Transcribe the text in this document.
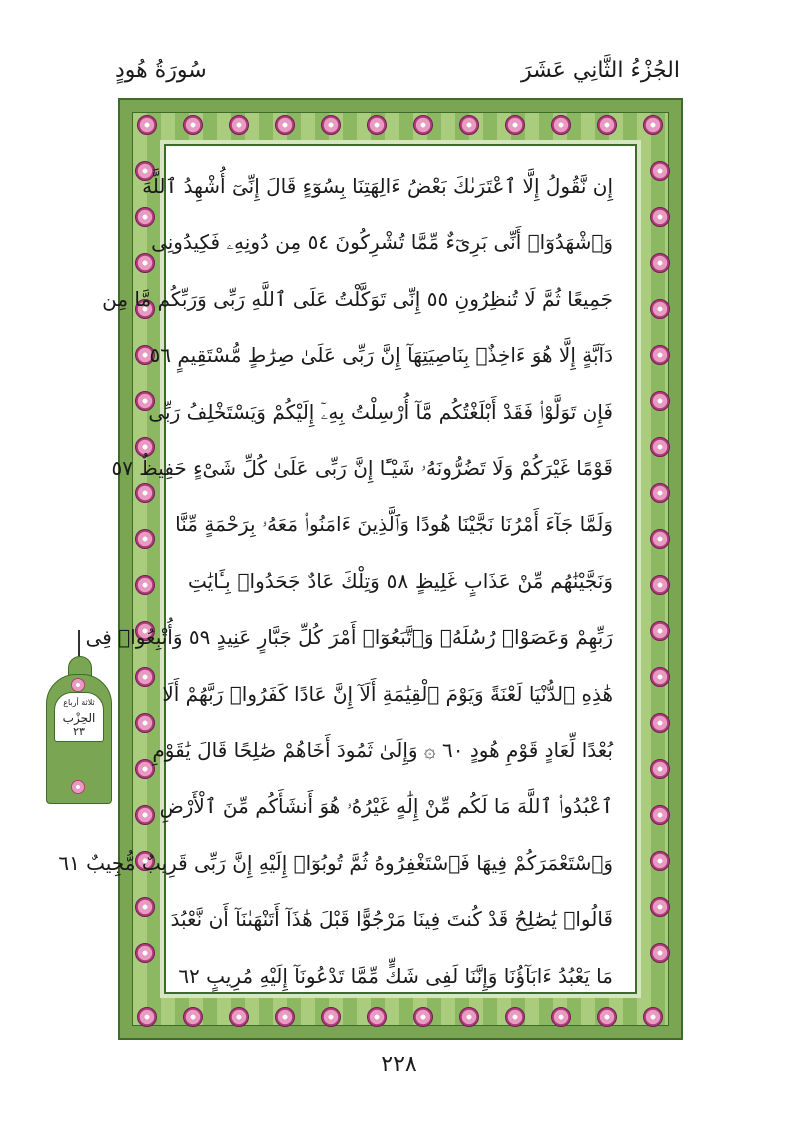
الجُزْءُ الثَّانِي عَشَرَ
سُورَةُ هُودٍ
إِن نَّقُولُ إِلَّا ٱعْتَرَىٰكَ بَعْضُ ءَالِهَتِنَا بِسُوٓءٍ قَالَ إِنِّىٓ أُشْهِدُ ٱللَّهَ
وَٱشْهَدُوٓا۟ أَنِّى بَرِىٓءٌ مِّمَّا تُشْرِكُونَ ٥٤ مِن دُونِهِۦ فَكِيدُونِى
جَمِيعًا ثُمَّ لَا تُنظِرُونِ ٥٥ إِنِّى تَوَكَّلْتُ عَلَى ٱللَّهِ رَبِّى وَرَبِّكُم مَّا مِن
دَآبَّةٍ إِلَّا هُوَ ءَاخِذٌۢ بِنَاصِيَتِهَآ إِنَّ رَبِّى عَلَىٰ صِرَٰطٍ مُّسْتَقِيمٍ ٥٦
فَإِن تَوَلَّوْا۟ فَقَدْ أَبْلَغْتُكُم مَّآ أُرْسِلْتُ بِهِۦٓ إِلَيْكُمْ وَيَسْتَخْلِفُ رَبِّى
قَوْمًا غَيْرَكُمْ وَلَا تَضُرُّونَهُۥ شَيْـًٔا إِنَّ رَبِّى عَلَىٰ كُلِّ شَىْءٍ حَفِيظٌ ٥٧
وَلَمَّا جَآءَ أَمْرُنَا نَجَّيْنَا هُودًا وَٱلَّذِينَ ءَامَنُوا۟ مَعَهُۥ بِرَحْمَةٍ مِّنَّا
وَنَجَّيْنَٰهُم مِّنْ عَذَابٍ غَلِيظٍ ٥٨ وَتِلْكَ عَادٌ جَحَدُوا۟ بِـَٔايَٰتِ
رَبِّهِمْ وَعَصَوْا۟ رُسُلَهُۥ وَٱتَّبَعُوٓا۟ أَمْرَ كُلِّ جَبَّارٍ عَنِيدٍ ٥٩ وَأُتْبِعُوا۟ فِى
هَٰذِهِ ٱلدُّنْيَا لَعْنَةً وَيَوْمَ ٱلْقِيَٰمَةِ أَلَآ إِنَّ عَادًا كَفَرُوا۟ رَبَّهُمْ أَلَا
بُعْدًا لِّعَادٍ قَوْمِ هُودٍ ٦٠ ۞ وَإِلَىٰ ثَمُودَ أَخَاهُمْ صَٰلِحًا قَالَ يَٰقَوْمِ
ٱعْبُدُوا۟ ٱللَّهَ مَا لَكُم مِّنْ إِلَٰهٍ غَيْرُهُۥ هُوَ أَنشَأَكُم مِّنَ ٱلْأَرْضِ
وَٱسْتَعْمَرَكُمْ فِيهَا فَٱسْتَغْفِرُوهُ ثُمَّ تُوبُوٓا۟ إِلَيْهِ إِنَّ رَبِّى قَرِيبٌ مُّجِيبٌ ٦١
قَالُوا۟ يَٰصَٰلِحُ قَدْ كُنتَ فِينَا مَرْجُوًّا قَبْلَ هَٰذَآ أَتَنْهَىٰنَآ أَن نَّعْبُدَ
مَا يَعْبُدُ ءَابَآؤُنَا وَإِنَّنَا لَفِى شَكٍّ مِّمَّا تَدْعُونَآ إِلَيْهِ مُرِيبٍ ٦٢
ثلاثة أرباع
الحِزْب
٢٣
٢٢٨
